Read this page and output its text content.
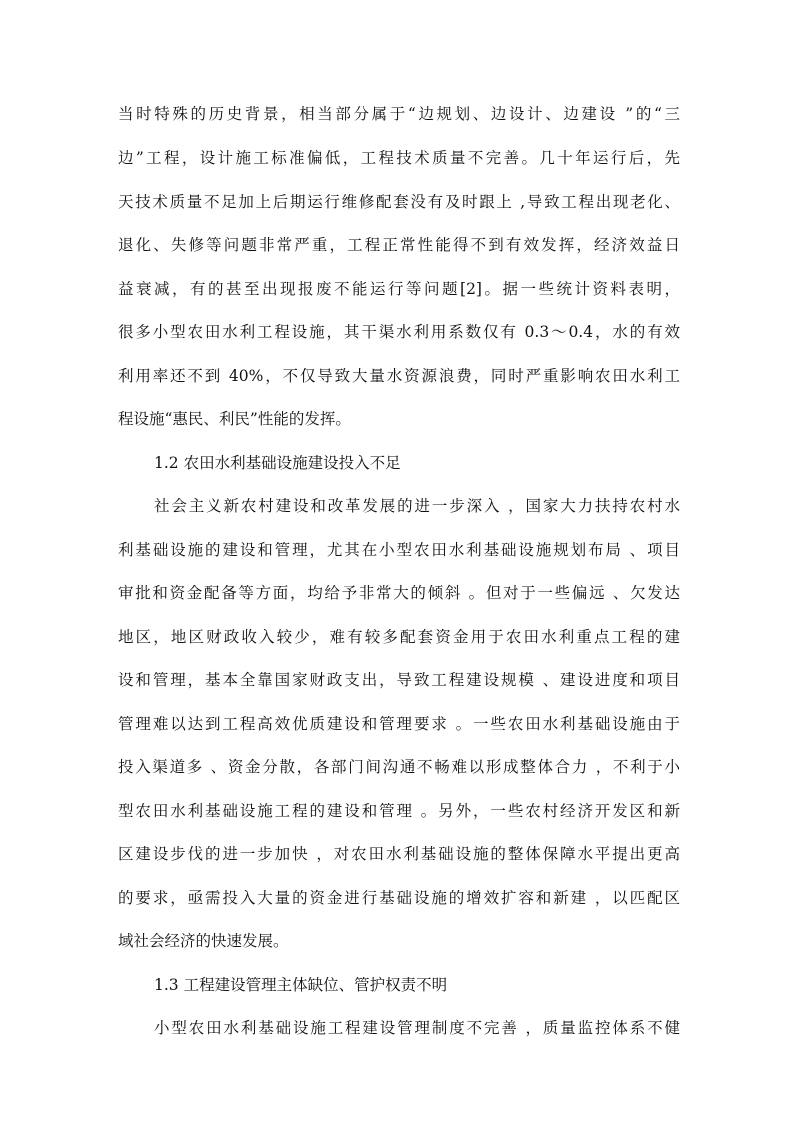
当时特殊的历史背景，相当部分属于“边规划、边设计、边建设 ”的“三
边”工程，设计施工标准偏低，工程技术质量不完善。几十年运行后，先
天技术质量不足加上后期运行维修配套没有及时跟上 ,导致工程出现老化、
退化、失修等问题非常严重，工程正常性能得不到有效发挥，经济效益日
益衰减，有的甚至出现报废不能运行等问题[2]。据一些统计资料表明，
很多小型农田水利工程设施，其干渠水利用系数仅有 0.3～0.4，水的有效
利用率还不到 40%，不仅导致大量水资源浪费，同时严重影响农田水利工
程设施“惠民、利民”性能的发挥。
1.2 农田水利基础设施建设投入不足
社会主义新农村建设和改革发展的进一步深入 ，国家大力扶持农村水
利基础设施的建设和管理，尤其在小型农田水利基础设施规划布局 、项目
审批和资金配备等方面，均给予非常大的倾斜 。但对于一些偏远 、欠发达
地区，地区财政收入较少，难有较多配套资金用于农田水利重点工程的建
设和管理，基本全靠国家财政支出，导致工程建设规模 、建设进度和项目
管理难以达到工程高效优质建设和管理要求 。一些农田水利基础设施由于
投入渠道多 、资金分散，各部门间沟通不畅难以形成整体合力 ，不利于小
型农田水利基础设施工程的建设和管理 。另外，一些农村经济开发区和新
区建设步伐的进一步加快 ，对农田水利基础设施的整体保障水平提出更高
的要求，亟需投入大量的资金进行基础设施的增效扩容和新建 ，以匹配区
域社会经济的快速发展。
1.3 工程建设管理主体缺位、管护权责不明
小型农田水利基础设施工程建设管理制度不完善 ，质量监控体系不健
